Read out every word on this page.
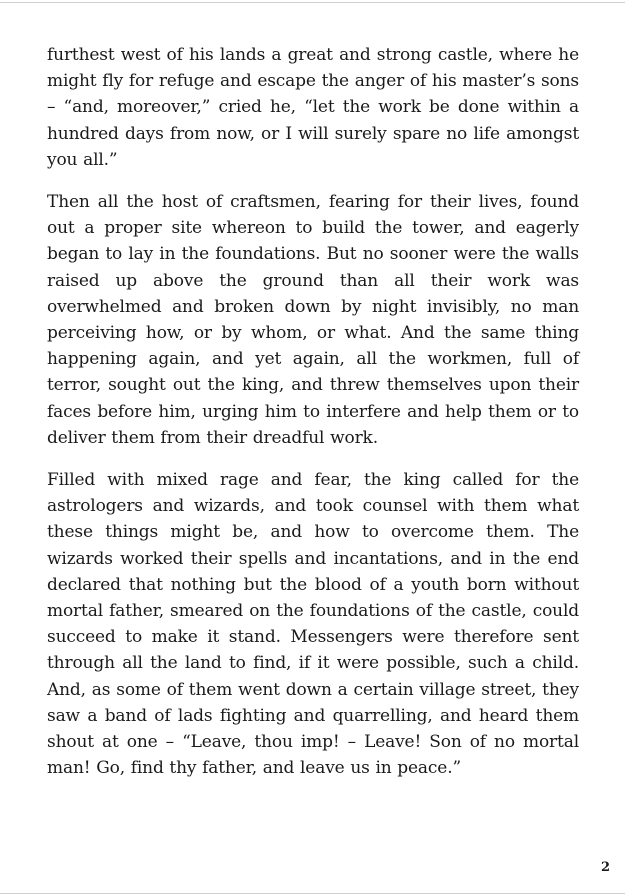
furthest west of his lands a great and strong castle, where he might fly for refuge and escape the anger of his master’s sons – “and, moreover,” cried he, “let the work be done within a hundred days from now, or I will surely spare no life amongst you all.”

Then all the host of craftsmen, fearing for their lives, found out a proper site whereon to build the tower, and eagerly began to lay in the foundations. But no sooner were the walls raised up above the ground than all their work was overwhelmed and broken down by night invisibly, no man perceiving how, or by whom, or what. And the same thing happening again, and yet again, all the workmen, full of terror, sought out the king, and threw themselves upon their faces before him, urging him to interfere and help them or to deliver them from their dreadful work.

Filled with mixed rage and fear, the king called for the astrologers and wizards, and took counsel with them what these things might be, and how to overcome them. The wizards worked their spells and incantations, and in the end declared that nothing but the blood of a youth born without mortal father, smeared on the foundations of the castle, could succeed to make it stand. Messengers were therefore sent through all the land to find, if it were possible, such a child. And, as some of them went down a certain village street, they saw a band of lads fighting and quarrelling, and heard them shout at one – “Leave, thou imp! – Leave! Son of no mortal man! Go, find thy father, and leave us in peace.”

2
